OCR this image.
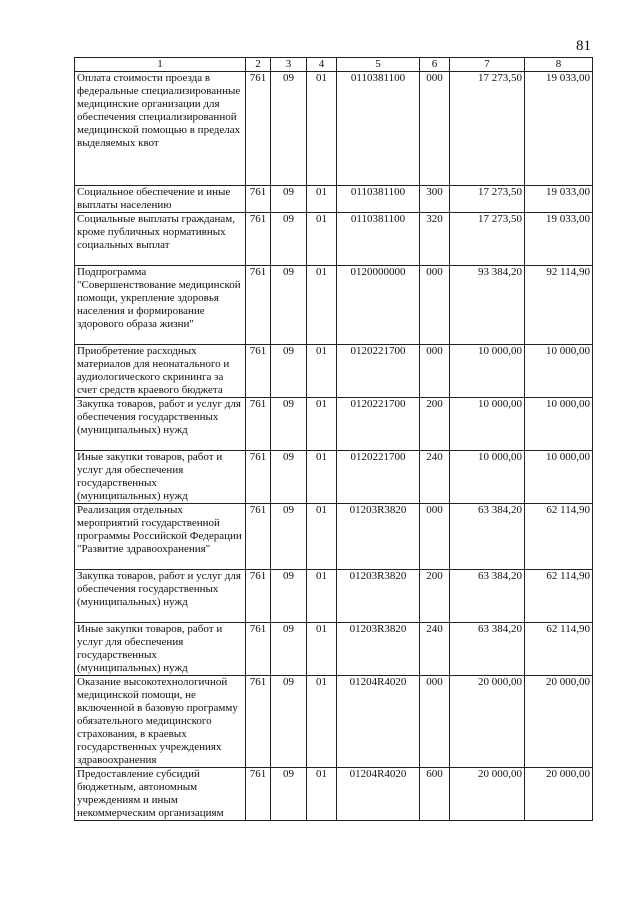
81
1	2	3	4	5	6	7	8
Оплата стоимости проезда в федеральные специализированные медицинские организации для обеспечения специализированной медицинской помощью в пределах выделяемых квот	761	09	01	0110381100	000	17 273,50	19 033,00
Социальное обеспечение и иные выплаты населению	761	09	01	0110381100	300	17 273,50	19 033,00
Социальные выплаты гражданам, кроме публичных нормативных социальных выплат	761	09	01	0110381100	320	17 273,50	19 033,00
Подпрограмма "Совершенствование медицинской помощи, укрепление здоровья населения и формирование здорового образа жизни"	761	09	01	0120000000	000	93 384,20	92 114,90
Приобретение расходных материалов для неонатального и аудиологического скрининга за счет средств краевого бюджета	761	09	01	0120221700	000	10 000,00	10 000,00
Закупка товаров, работ и услуг для обеспечения государственных (муниципальных) нужд	761	09	01	0120221700	200	10 000,00	10 000,00
Иные закупки товаров, работ и услуг для обеспечения государственных (муниципальных) нужд	761	09	01	0120221700	240	10 000,00	10 000,00
Реализация отдельных мероприятий государственной программы Российской Федерации "Развитие здравоохранения"	761	09	01	01203R3820	000	63 384,20	62 114,90
Закупка товаров, работ и услуг для обеспечения государственных (муниципальных) нужд	761	09	01	01203R3820	200	63 384,20	62 114,90
Иные закупки товаров, работ и услуг для обеспечения государственных (муниципальных) нужд	761	09	01	01203R3820	240	63 384,20	62 114,90
Оказание высокотехнологичной медицинской помощи, не включенной в базовую программу обязательного медицинского страхования, в краевых государственных учреждениях здравоохранения	761	09	01	01204R4020	000	20 000,00	20 000,00
Предоставление субсидий бюджетным, автономным учреждениям и иным некоммерческим организациям	761	09	01	01204R4020	600	20 000,00	20 000,00
